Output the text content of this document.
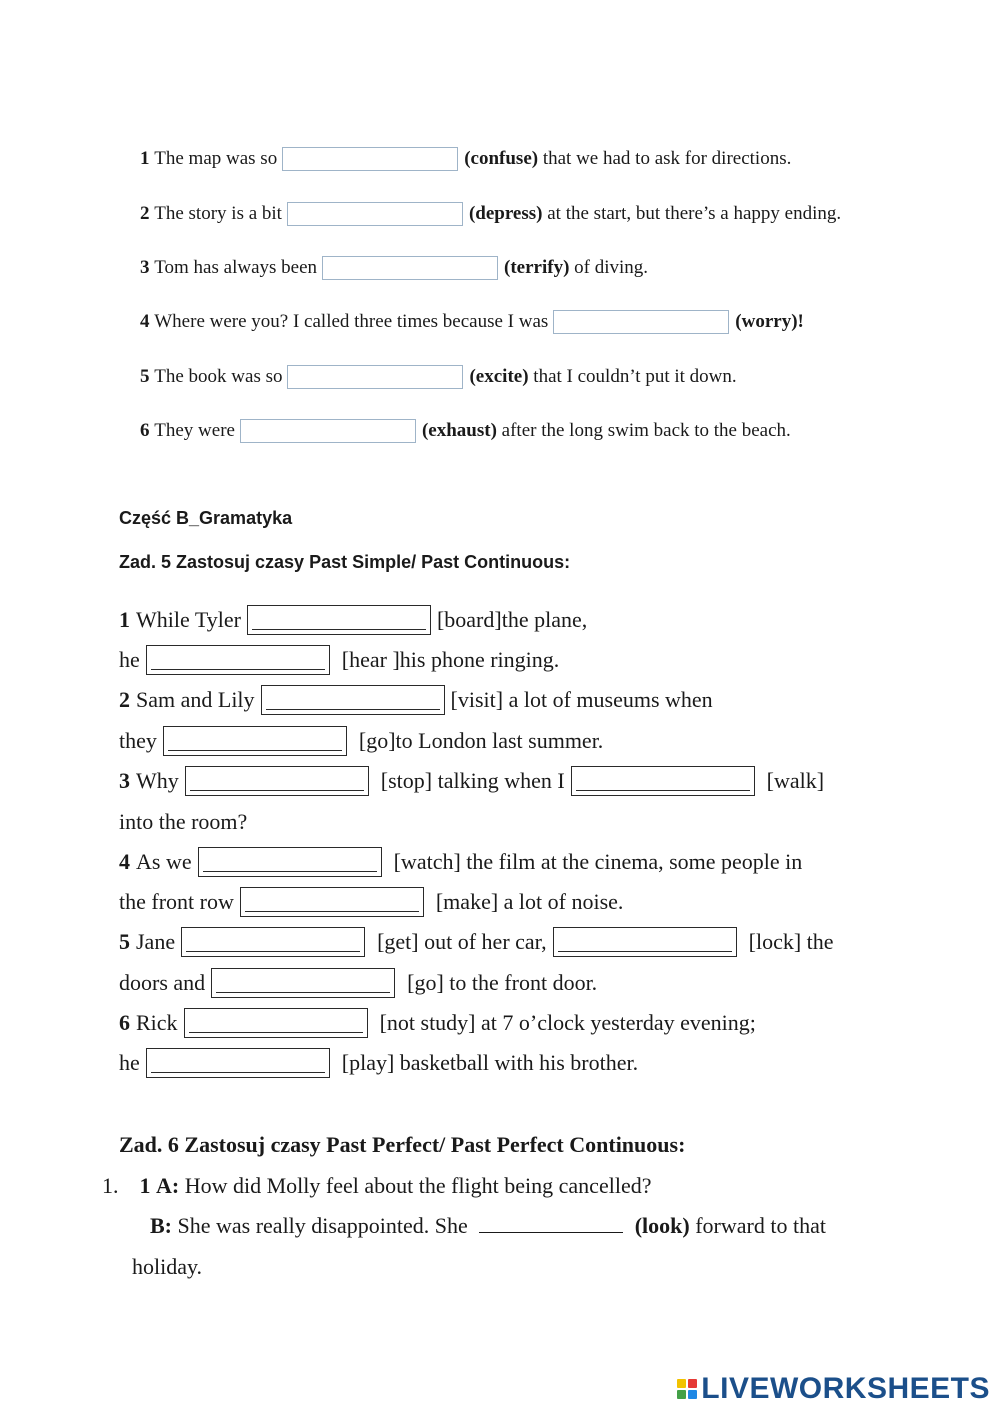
1
The map was so	(confuse)
that we had to ask for directions.
2
The story is a bit	(depress)
at the start, but there’s a happy ending.
3
Tom has always been	(terrify)
of diving.
4
Where were you? I called three times because I was	(worry) !
5
The book was so	(excite)
that I couldn’t put it down.
6
They were	(exhaust)
after the long swim back to the beach.
Część B_Gramatyka
Zad. 5 Zastosuj czasy Past Simple/ Past Continuous:
1 While Tyler	[board]the plane,
he	[hear ]his phone ringing.
2 Sam and Lily	[visit] a lot of museums when
they	[go]to London last summer.
3 Why	[stop] talking when I	[walk]
into the room?
4 As we	[watch] the film at the cinema, some people in
the front row	[make] a lot of noise.
5 Jane	[get] out of her car,	[lock] the
doors and	[go] to the front door.
6 Rick	[not study] at 7 o’clock yesterday evening;
he	[play] basketball with his brother.
Zad. 6 Zastosuj czasy Past Perfect/ Past Perfect Continuous:
1. 1 A: How did Molly feel about the flight being cancelled?
B: She was really disappointed. She	(look) forward to that
holiday.
LIVEWORKSHEETS
